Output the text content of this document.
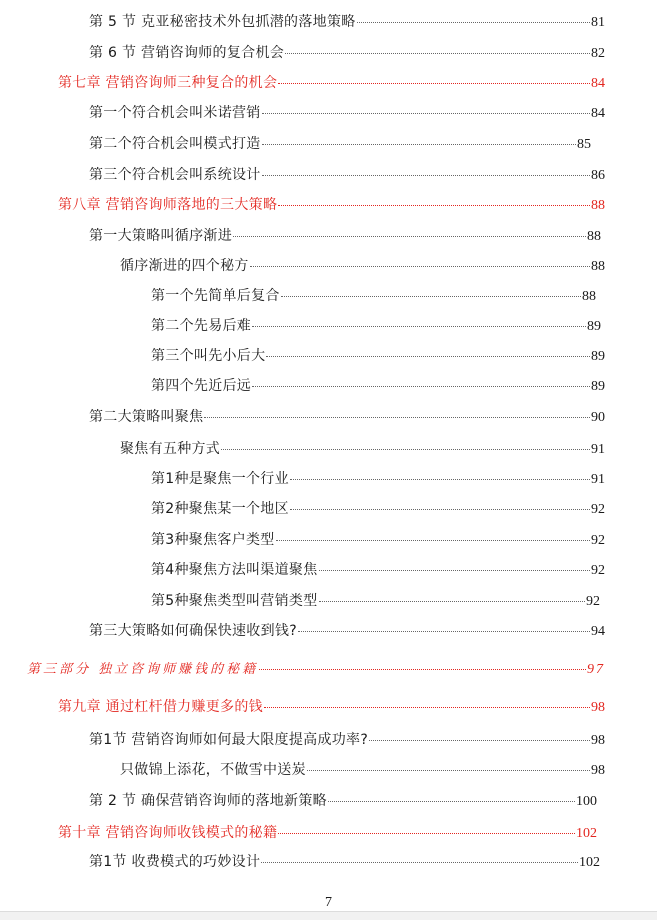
第 5 节 克亚秘密技术外包抓潜的落地策略	81
第 6 节 营销咨询师的复合机会	82
第七章 营销咨询师三种复合的机会	84
第一个符合机会叫米诺营销	84
第二个符合机会叫模式打造	85
第三个符合机会叫系统设计	86
第八章 营销咨询师落地的三大策略	88
第一大策略叫循序渐进	88
循序渐进的四个秘方	88
第一个先简单后复合	88
第二个先易后难	89
第三个叫先小后大	89
第四个先近后远	89
第二大策略叫聚焦	90
聚焦有五种方式	91
第1种是聚焦一个行业	91
第2种聚焦某一个地区	92
第3种聚焦客户类型	92
第4种聚焦方法叫渠道聚焦	92
第5种聚焦类型叫营销类型	92
第三大策略如何确保快速收到钱?	94
第三部分 独立咨询师赚钱的秘籍	97
第九章 通过杠杆借力赚更多的钱	98
第1节 营销咨询师如何最大限度提高成功率?	98
只做锦上添花，不做雪中送炭	98
第 2 节 确保营销咨询师的落地新策略	100
第十章 营销咨询师收钱模式的秘籍	102
第1节 收费模式的巧妙设计	102
7
